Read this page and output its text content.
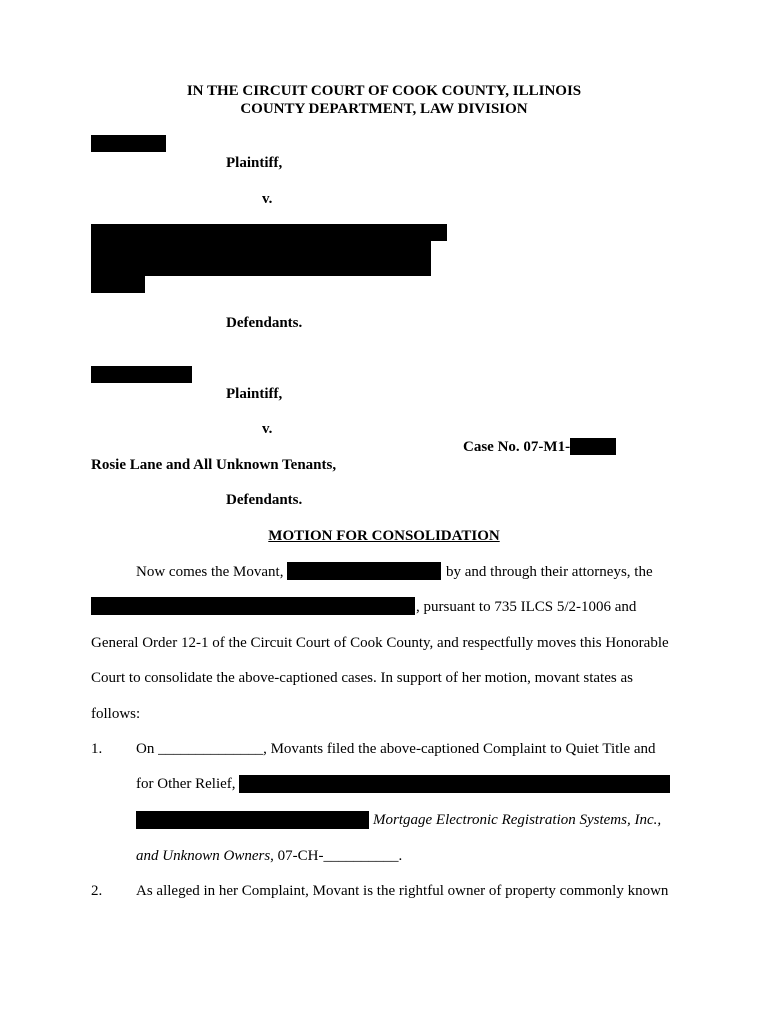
IN THE CIRCUIT COURT OF COOK COUNTY, ILLINOIS
COUNTY DEPARTMENT, LAW DIVISION
Plaintiff,
v.
Defendants.
Plaintiff,
v.
Case No. 07-M1-
Rosie Lane and All Unknown Tenants,
Defendants.
MOTION FOR CONSOLIDATION
Now comes the Movant,	by and through their attorneys, the
, pursuant to 735 ILCS 5/2-1006 and
General Order 12-1 of the Circuit Court of Cook County, and respectfully moves this Honorable
Court to consolidate the above-captioned cases. In support of her motion, movant states as
follows:
1. On ______________, Movants filed the above-captioned Complaint to Quiet Title and
for Other Relief,
Mortgage Electronic Registration Systems, Inc.,
and Unknown Owners, 07-CH-__________.
2. As alleged in her Complaint, Movant is the rightful owner of property commonly known
